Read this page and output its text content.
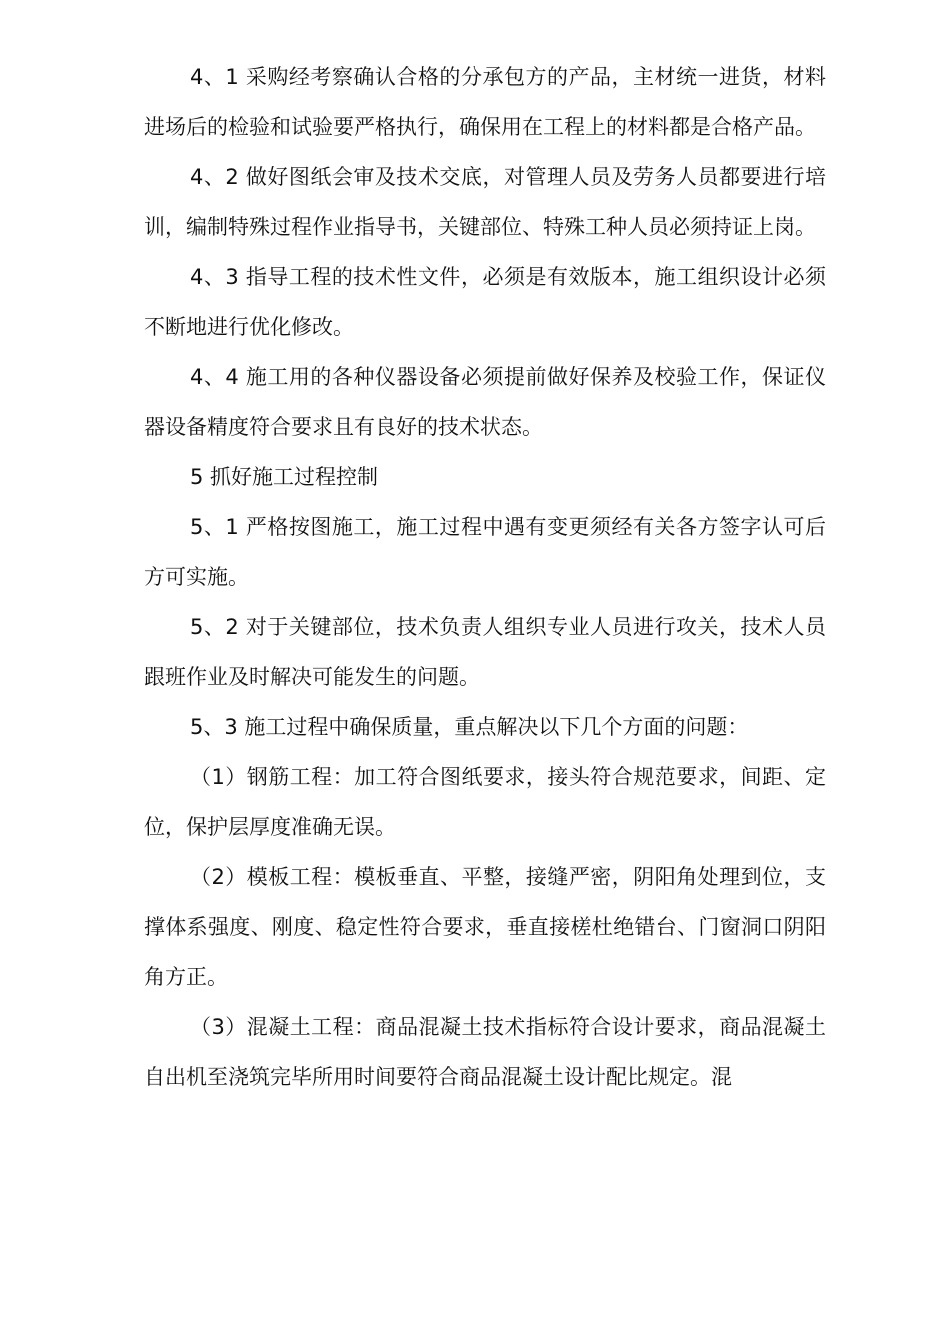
4、1 采购经考察确认合格的分承包方的产品，主材统一进货，材料进场后的检验和试验要严格执行，确保用在工程上的材料都是合格产品。

4、2 做好图纸会审及技术交底，对管理人员及劳务人员都要进行培训，编制特殊过程作业指导书，关键部位、特殊工种人员必须持证上岗。

4、3 指导工程的技术性文件，必须是有效版本，施工组织设计必须不断地进行优化修改。

4、4 施工用的各种仪器设备必须提前做好保养及校验工作，保证仪器设备精度符合要求且有良好的技术状态。

5 抓好施工过程控制

5、1 严格按图施工，施工过程中遇有变更须经有关各方签字认可后方可实施。

5、2 对于关键部位，技术负责人组织专业人员进行攻关，技术人员跟班作业及时解决可能发生的问题。

5、3 施工过程中确保质量，重点解决以下几个方面的问题：

（1）钢筋工程：加工符合图纸要求，接头符合规范要求，间距、定位，保护层厚度准确无误。

（2）模板工程：模板垂直、平整，接缝严密，阴阳角处理到位，支撑体系强度、刚度、稳定性符合要求，垂直接槎杜绝错台、门窗洞口阴阳角方正。

（3）混凝土工程：商品混凝土技术指标符合设计要求，商品混凝土自出机至浇筑完毕所用时间要符合商品混凝土设计配比规定。混
